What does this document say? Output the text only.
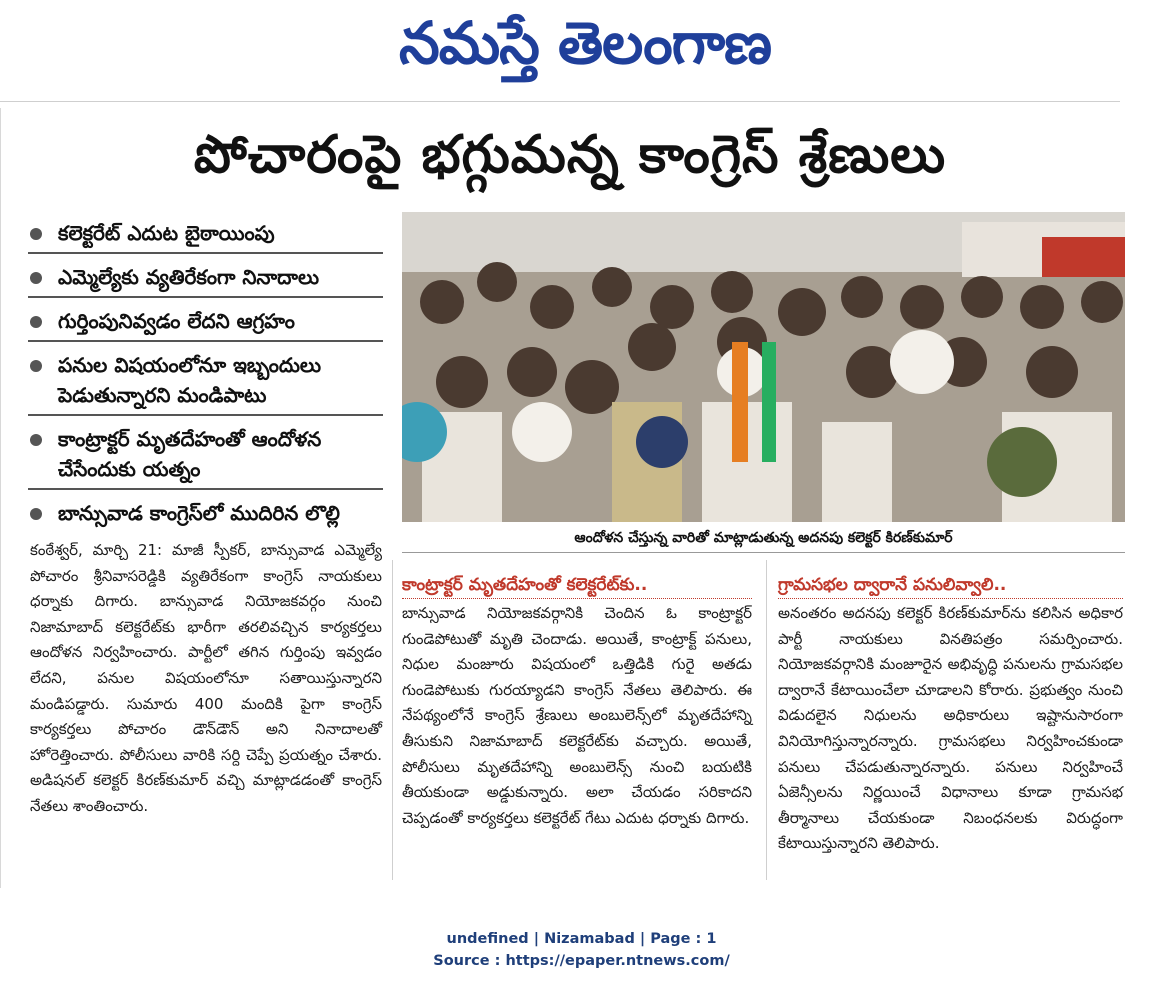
నమస్తే తెలంగాణ
పోచారంపై భగ్గుమన్న కాంగ్రెస్ శ్రేణులు
కలెక్టరేట్ ఎదుట బైఠాయింపు
ఎమ్మెల్యేకు వ్యతిరేకంగా నినాదాలు
గుర్తింపునివ్వడం లేదని ఆగ్రహం
పనుల విషయంలోనూ ఇబ్బందులు పెడుతున్నారని మండిపాటు
కాంట్రాక్టర్ మృతదేహంతో ఆందోళన చేసేందుకు యత్నం
బాన్సువాడ కాంగ్రెస్‌లో ముదిరిన లొల్లి
ఆందోళన చేస్తున్న వారితో మాట్లాడుతున్న అదనపు కలెక్టర్ కిరణ్‌కుమార్
కంఠేశ్వర్, మార్చి 21: మాజీ స్పీకర్, బాన్సువాడ ఎమ్మెల్యే పోచారం శ్రీనివాసరెడ్డికి వ్యతిరేకంగా కాంగ్రెస్ నాయకులు ధర్నాకు దిగారు. బాన్సువాడ నియోజకవర్గం నుంచి నిజామాబాద్ కలెక్టరేట్‌కు భారీగా తరలివచ్చిన కార్యకర్తలు ఆందోళన నిర్వహించారు. పార్టీలో తగిన గుర్తింపు ఇవ్వడం లేదని, పనుల విషయంలోనూ సతాయిస్తున్నారని మండిపడ్డారు. సుమారు 400 మందికి పైగా కాంగ్రెస్ కార్యకర్తలు పోచారం డౌన్‌డౌన్ అని నినాదాలతో హోరెత్తించారు. పోలీసులు వారికి సర్ది చెప్పే ప్రయత్నం చేశారు. అడిషనల్ కలెక్టర్ కిరణ్‌కుమార్ వచ్చి మాట్లాడడంతో కాంగ్రెస్ నేతలు శాంతించారు.
కాంట్రాక్టర్ మృతదేహంతో కలెక్టరేట్‌కు..
బాన్సువాడ నియోజకవర్గానికి చెందిన ఓ కాంట్రాక్టర్ గుండెపోటుతో మృతి చెందాడు. అయితే, కాంట్రాక్ట్ పనులు, నిధుల మంజూరు విషయంలో ఒత్తిడికి గురై అతడు గుండెపోటుకు గురయ్యాడని కాంగ్రెస్ నేతలు తెలిపారు. ఈ నేపథ్యంలోనే కాంగ్రెస్ శ్రేణులు అంబులెన్స్‌లో మృతదేహాన్ని తీసుకుని నిజామాబాద్ కలెక్టరేట్‌కు వచ్చారు. అయితే, పోలీసులు మృతదేహాన్ని అంబులెన్స్ నుంచి బయటికి తీయకుండా అడ్డుకున్నారు. అలా చేయడం సరికాదని చెప్పడంతో కార్యకర్తలు కలెక్టరేట్ గేటు ఎదుట ధర్నాకు దిగారు.
గ్రామసభల ద్వారానే పనులివ్వాలి..
అనంతరం అదనపు కలెక్టర్ కిరణ్‌కుమార్‌ను కలిసిన అధికార పార్టీ నాయకులు వినతిపత్రం సమర్పించారు. నియోజకవర్గానికి మంజూరైన అభివృద్ధి పనులను గ్రామసభల ద్వారానే కేటాయించేలా చూడాలని కోరారు. ప్రభుత్వం నుంచి విడుదలైన నిధులను అధికారులు ఇష్టానుసారంగా వినియోగిస్తున్నారన్నారు. గ్రామసభలు నిర్వహించకుండా పనులు చేపడుతున్నారన్నారు. పనులు నిర్వహించే ఏజెన్సీలను నిర్ణయించే విధానాలు కూడా గ్రామసభ తీర్మానాలు చేయకుండా నిబంధనలకు విరుద్ధంగా కేటాయిస్తున్నారని తెలిపారు.
undefined | Nizamabad | Page : 1
Source : https://epaper.ntnews.com/
